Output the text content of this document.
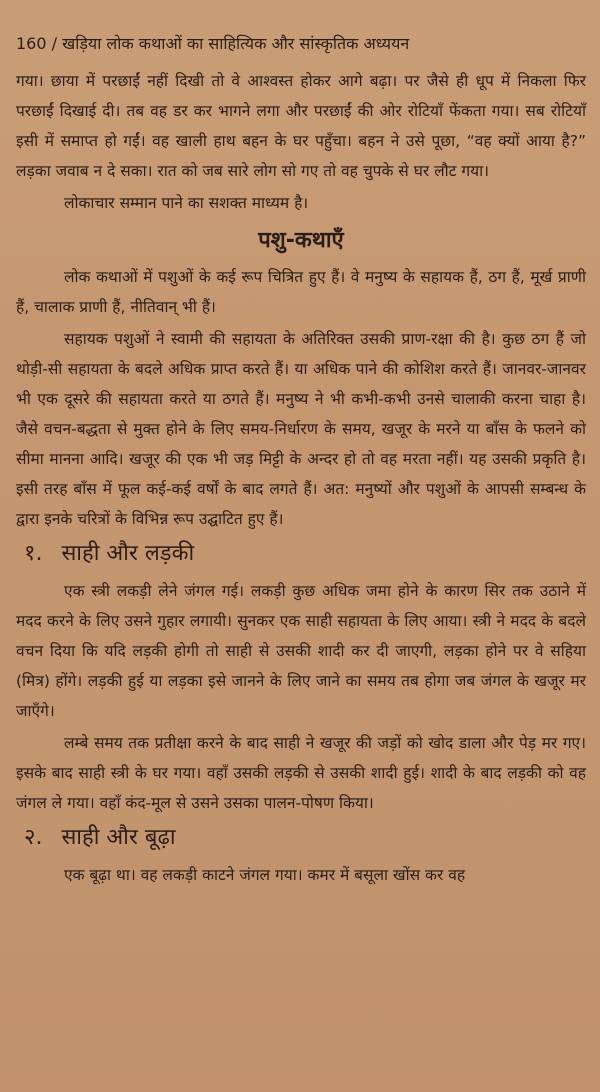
160 / खड़िया लोक कथाओं का साहित्यिक और सांस्कृतिक अध्ययन

गया। छाया में परछाईं नहीं दिखी तो वे आश्वस्त होकर आगे बढ़ा। पर जैसे ही धूप में निकला फिर परछाईं दिखाई दी। तब वह डर कर भागने लगा और परछाईं की ओर रोटियाँ फेंकता गया। सब रोटियाँ इसी में समाप्त हो गईं। वह खाली हाथ बहन के घर पहुँचा। बहन ने उसे पूछा, “वह क्यों आया है?” लड़का जवाब न दे सका। रात को जब सारे लोग सो गए तो वह चुपके से घर लौट गया।

लोकाचार सम्मान पाने का सशक्त माध्यम है।

पशु-कथाएँ

लोक कथाओं में पशुओं के कई रूप चित्रित हुए हैं। वे मनुष्य के सहायक हैं, ठग हैं, मूर्ख प्राणी हैं, चालाक प्राणी हैं, नीतिवान् भी हैं।

सहायक पशुओं ने स्वामी की सहायता के अतिरिक्त उसकी प्राण-रक्षा की है। कुछ ठग हैं जो थोड़ी-सी सहायता के बदले अधिक प्राप्त करते हैं। या अधिक पाने की कोशिश करते हैं। जानवर-जानवर भी एक दूसरे की सहायता करते या ठगते हैं। मनुष्य ने भी कभी-कभी उनसे चालाकी करना चाहा है। जैसे वचन-बद्धता से मुक्त होने के लिए समय-निर्धारण के समय, खजूर के मरने या बाँस के फलने को सीमा मानना आदि। खजूर की एक भी जड़ मिट्टी के अन्दर हो तो वह मरता नहीं। यह उसकी प्रकृति है। इसी तरह बाँस में फूल कई-कई वर्षों के बाद लगते हैं। अत: मनुष्यों और पशुओं के आपसी सम्बन्ध के द्वारा इनके चरित्रों के विभिन्न रूप उद्घाटित हुए हैं।

१. साही और लड़की

एक स्त्री लकड़ी लेने जंगल गई। लकड़ी कुछ अधिक जमा होने के कारण सिर तक उठाने में मदद करने के लिए उसने गुहार लगायी। सुनकर एक साही सहायता के लिए आया। स्त्री ने मदद के बदले वचन दिया कि यदि लड़की होगी तो साही से उसकी शादी कर दी जाएगी, लड़का होने पर वे सहिया (मित्र) होंगे। लड़की हुई या लड़का इसे जानने के लिए जाने का समय तब होगा जब जंगल के खजूर मर जाएँगे।

लम्बे समय तक प्रतीक्षा करने के बाद साही ने खजूर की जड़ों को खोद डाला और पेड़ मर गए। इसके बाद साही स्त्री के घर गया। वहाँ उसकी लड़की से उसकी शादी हुई। शादी के बाद लड़की को वह जंगल ले गया। वहाँ कंद-मूल से उसने उसका पालन-पोषण किया।

२. साही और बूढ़ा

एक बूढ़ा था। वह लकड़ी काटने जंगल गया। कमर में बसूला खोंस कर वह
